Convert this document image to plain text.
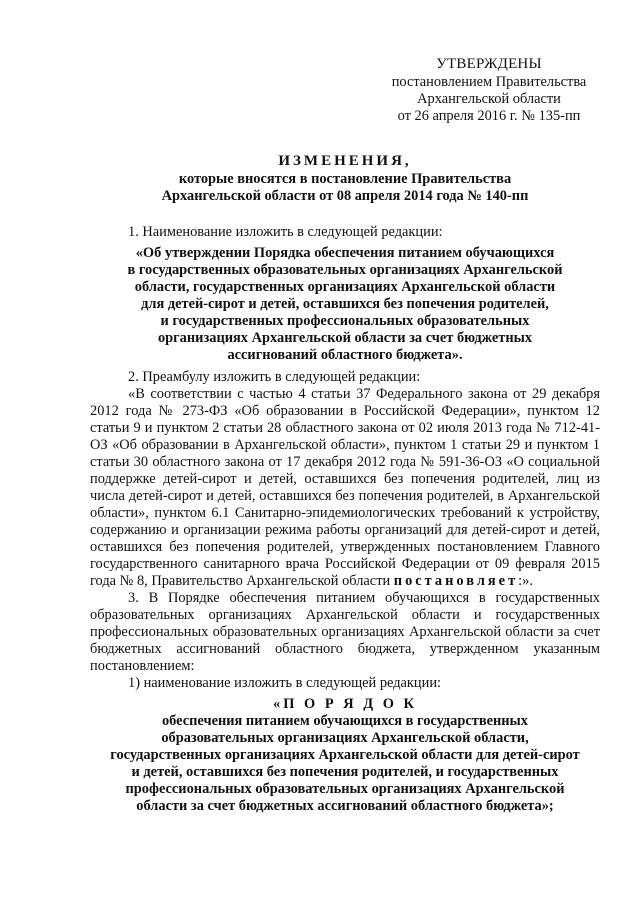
УТВЕРЖДЕНЫ
постановлением Правительства
Архангельской области
от 26 апреля 2016 г. № 135-пп
ИЗМЕНЕНИЯ,
которые вносятся в постановление Правительства
Архангельской области от 08 апреля 2014 года № 140-пп
1. Наименование изложить в следующей редакции:
«Об утверждении Порядка обеспечения питанием обучающихся
в государственных образовательных организациях Архангельской
области, государственных организациях Архангельской области
для детей-сирот и детей, оставшихся без попечения родителей,
и государственных профессиональных образовательных
организациях Архангельской области за счет бюджетных
ассигнований областного бюджета».
2. Преамбулу изложить в следующей редакции:
«В соответствии с частью 4 статьи 37 Федерального закона от 29 декабря 2012 года № 273-ФЗ «Об образовании в Российской Федерации», пунктом 12 статьи 9 и пунктом 2 статьи 28 областного закона от 02 июля 2013 года № 712-41-ОЗ «Об образовании в Архангельской области», пунктом 1 статьи 29 и пунктом 1 статьи 30 областного закона от 17 декабря 2012 года № 591-36-ОЗ «О социальной поддержке детей-сирот и детей, оставшихся без попечения родителей, лиц из числа детей-сирот и детей, оставшихся без попечения родителей, в Архангельской области», пунктом 6.1 Санитарно-эпидемиологических требований к устройству, содержанию и организации режима работы организаций для детей-сирот и детей, оставшихся без попечения родителей, утвержденных постановлением Главного государственного санитарного врача Российской Федерации от 09 февраля 2015 года № 8, Правительство Архангельской области постановляет:».
3. В Порядке обеспечения питанием обучающихся в государственных образовательных организациях Архангельской области и государственных профессиональных образовательных организациях Архангельской области за счет бюджетных ассигнований областного бюджета, утвержденном указанным постановлением:
1) наименование изложить в следующей редакции:
«П О Р Я Д О К
обеспечения питанием обучающихся в государственных
образовательных организациях Архангельской области,
государственных организациях Архангельской области для детей-сирот
и детей, оставшихся без попечения родителей, и государственных
профессиональных образовательных организациях Архангельской
области за счет бюджетных ассигнований областного бюджета»;
